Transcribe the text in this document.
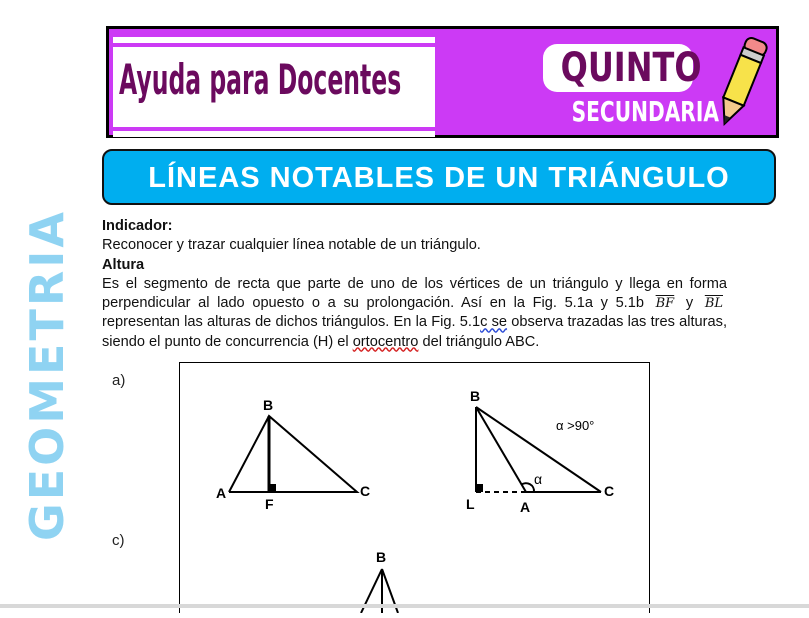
Ayuda para Docentes	QUINTO
SECUNDARIA
LÍNEAS NOTABLES DE UN TRIÁNGULO
GEOMETRIA Indicador:

Reconocer y trazar cualquier línea notable de un triángulo.

Altura

Es el segmento de recta que parte de uno de los vértices de un triángulo y llega en forma perpendicular al lado opuesto o a su prolongación. Así en la Fig. 5.1a y 5.1b $\overline{BF}$ y $\overline{BL}$ representan las alturas de dichos triángulos. En la Fig. 5.1c se observa trazadas las tres alturas, siendo el punto de concurrencia (H) el ortocentro del triángulo ABC.

a)
c)
A
B
C
F
B
L	A
C
α
α >90°
B
